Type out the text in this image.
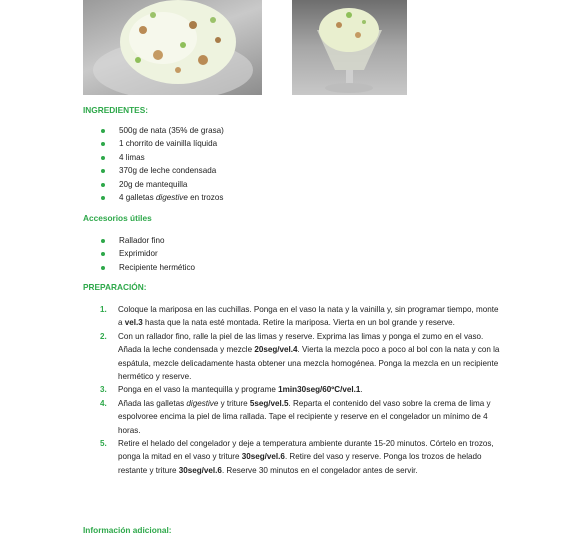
INGREDIENTES:

500g de nata (35% de grasa)
1 chorrito de vainilla líquida
4 limas
370g de leche condensada
20g de mantequilla
4 galletas digestive en trozos

Accesorios útiles

Rallador fino
Exprimidor
Recipiente hermético

PREPARACIÓN:

1. Coloque la mariposa en las cuchillas. Ponga en el vaso la nata y la vainilla y, sin programar tiempo, monte a vel.3 hasta que la nata esté montada. Retire la mariposa. Vierta en un bol grande y reserve.
2. Con un rallador fino, ralle la piel de las limas y reserve. Exprima las limas y ponga el zumo en el vaso. Añada la leche condensada y mezcle 20seg/vel.4. Vierta la mezcla poco a poco al bol con la nata y con la espátula, mezcle delicadamente hasta obtener una mezcla homogénea. Ponga la mezcla en un recipiente hermético y reserve.
3. Ponga en el vaso la mantequilla y programe 1min30seg/60ºC/vel.1.
4. Añada las galletas digestive y triture 5seg/vel.5. Reparta el contenido del vaso sobre la crema de lima y espolvoree encima la piel de lima rallada. Tape el recipiente y reserve en el congelador un mínimo de 4 horas.
5. Retire el helado del congelador y deje a temperatura ambiente durante 15-20 minutos. Córtelo en trozos, ponga la mitad en el vaso y triture 30seg/vel.6. Retire del vaso y reserve. Ponga los trozos de helado restante y triture 30seg/vel.6. Reserve 30 minutos en el congelador antes de servir.

Información adicional:
